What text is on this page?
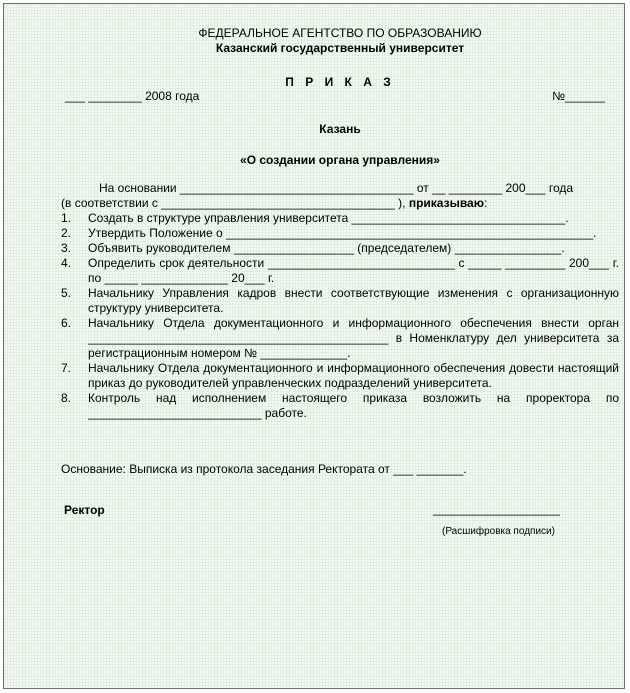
ФЕДЕРАЛЬНОЕ АГЕНТСТВО ПО ОБРАЗОВАНИЮ
Казанский государственный университет
П Р И К А З
___ ________ 2008 года	№______
Казань
«О создании органа управления»
На основании ___________________________________ от __ ________ 200___ года
(в соответствии с ___________________________________ ), приказываю:
1. Создать в структуре управления университета ________________________________.
2. Утвердить Положение о _______________________________________________________.
3. Объявить руководителем __________________ (председателем) ________________.
4. Определить срок деятельности ____________________________ с _____ _________ 200___ г. по _____ _____________ 20___ г.
5. Начальнику Управления кадров внести соответствующие изменения с организационную структуру университета.
6. Начальнику Отдела документационного и информационного обеспечения внести орган _____________________________________________ в Номенклатуру дел университета за регистрационным номером № _____________.
7. Начальнику Отдела документационного и информационного обеспечения довести настоящий приказ до руководителей управленческих подразделений университета.
8. Контроль над исполнением настоящего приказа возложить на проректора по __________________________ работе.
Основание: Выписка из протокола заседания Ректората от ___ _______.
Ректор	___________________
(Расшифровка подписи)
